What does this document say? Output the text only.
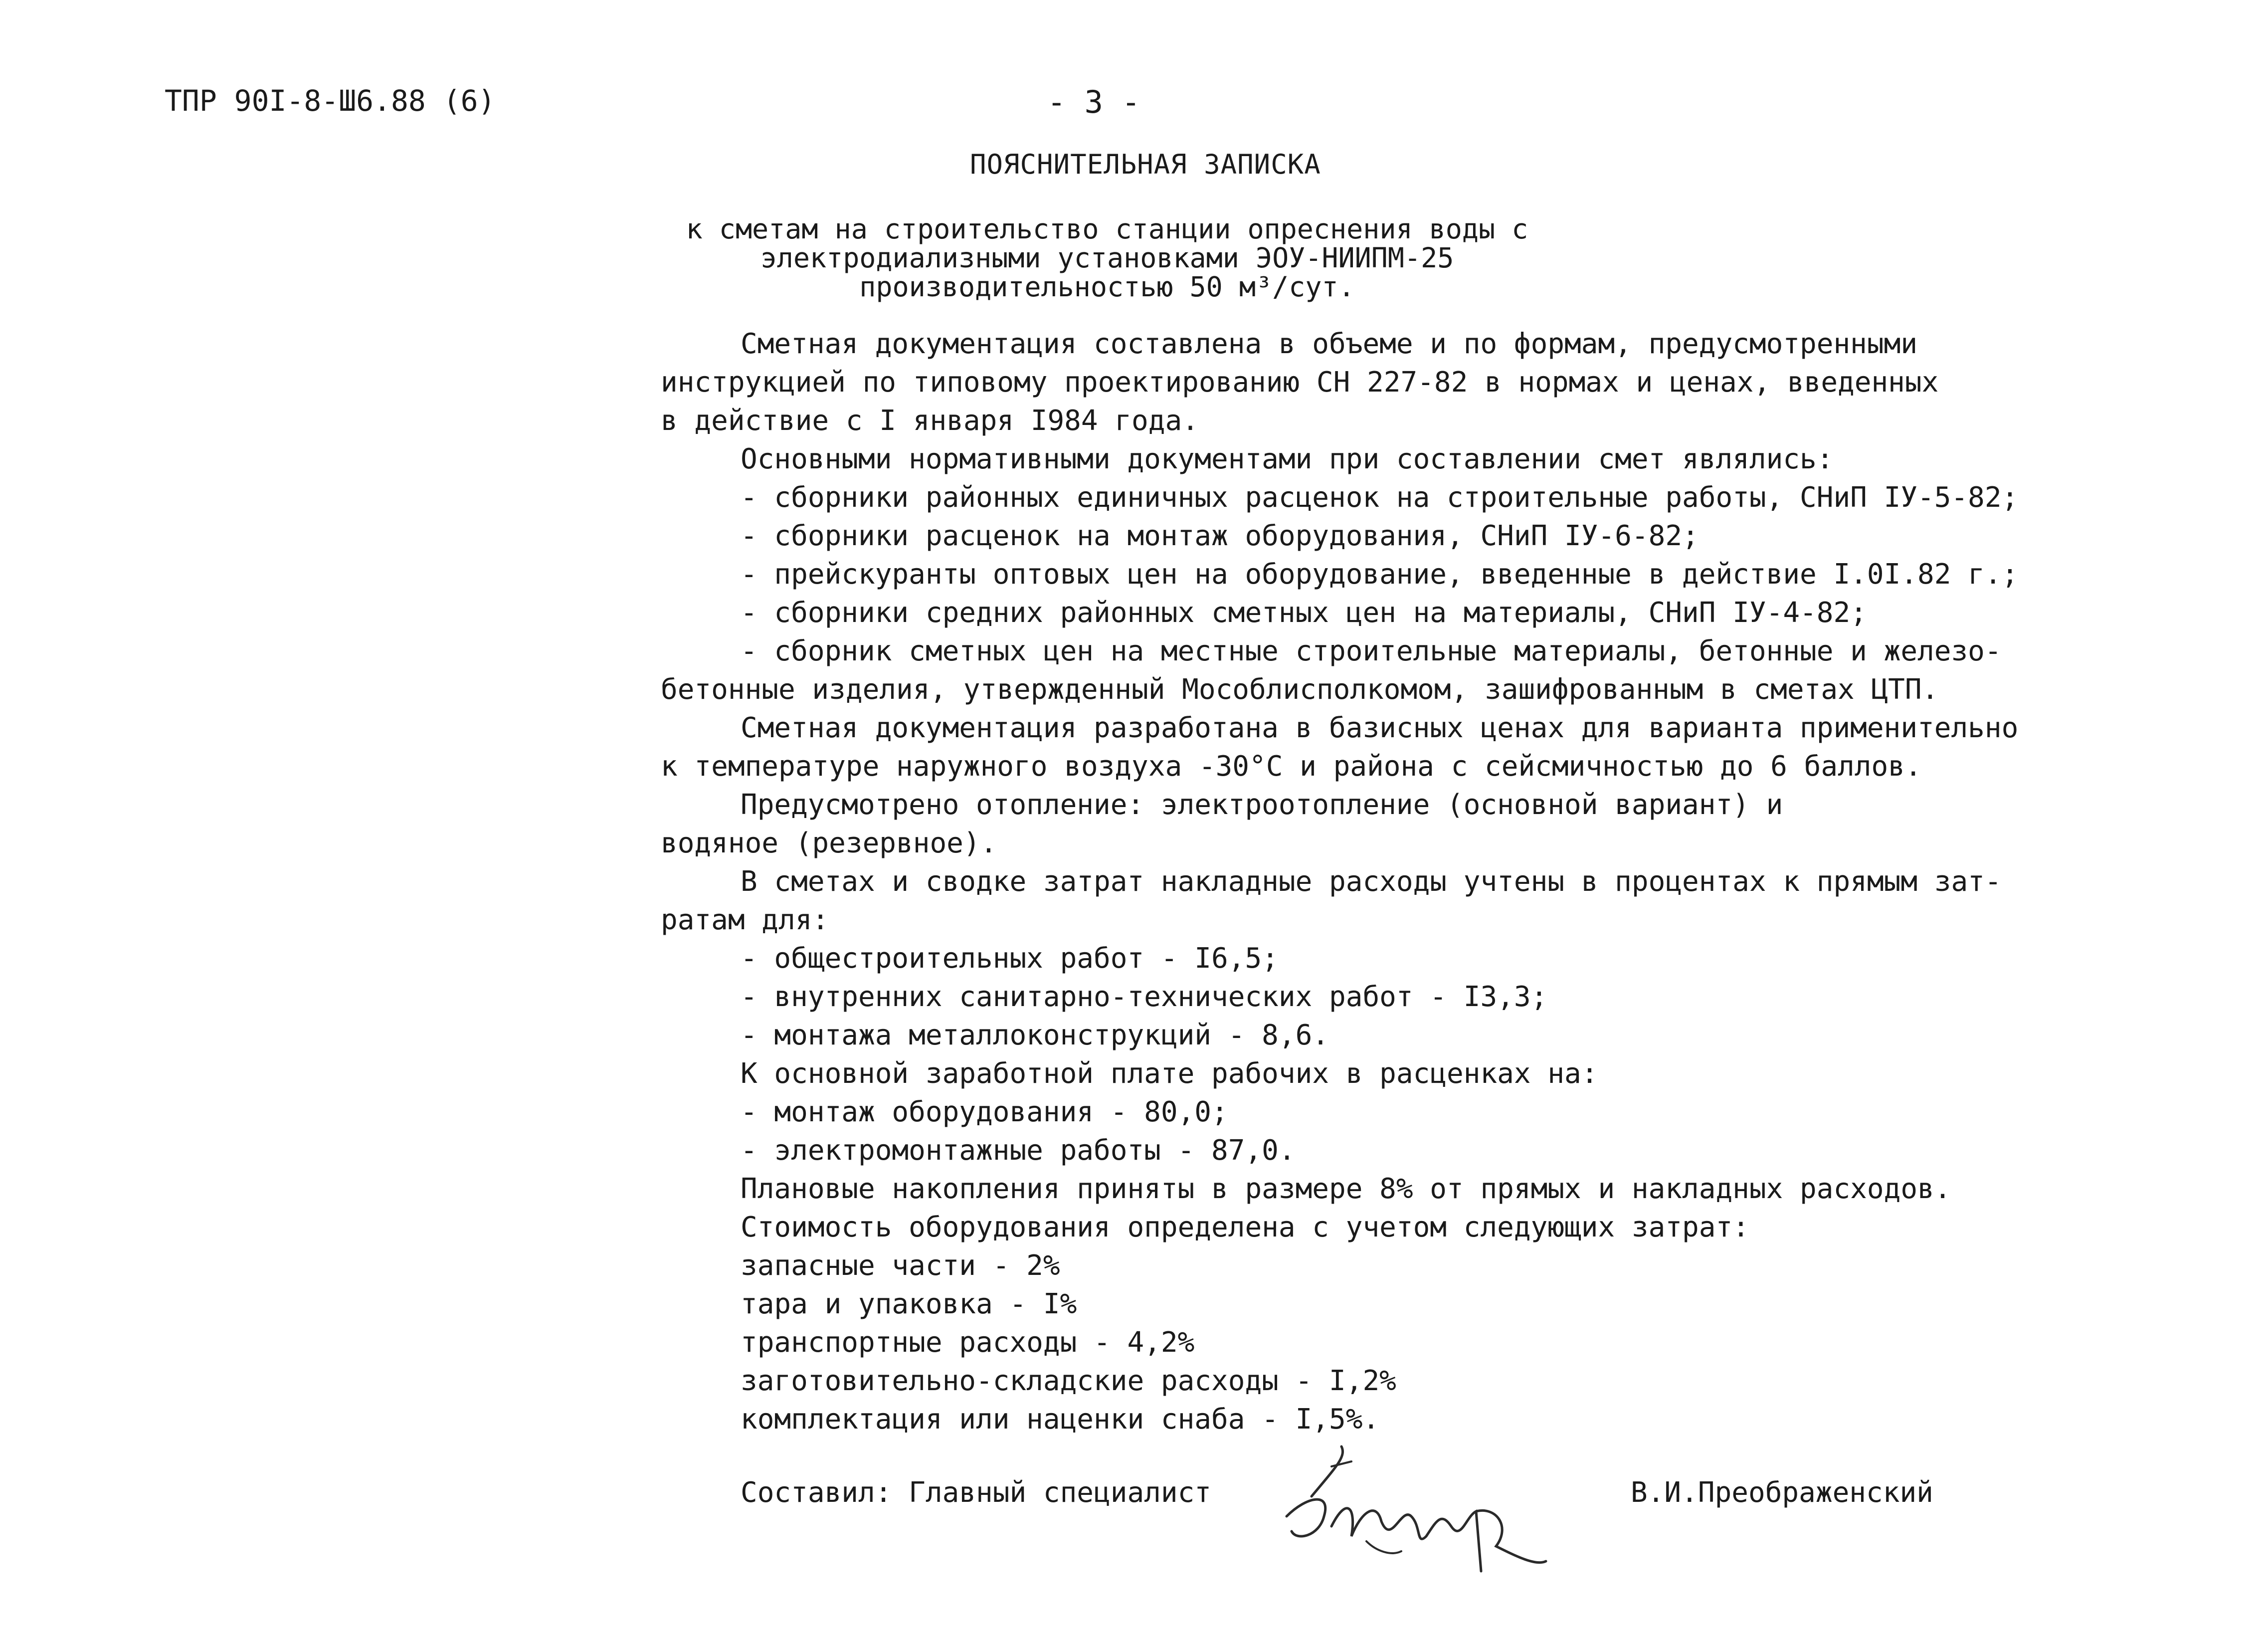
ТПР 90I-8-Ш6.88 (6)	- 3 -
ПОЯСНИТЕЛЬНАЯ ЗАПИСКА
к сметам на строительство станции опреснения воды с электродиализными установками ЭОУ-НИИПМ-25 производительностью 50 м³/сут.
Сметная документация составлена в объеме и по формам, предусмотренными
инструкцией по типовому проектированию СН 227-82 в нормах и ценах, введенных
в действие с I января I984 года.
Основными нормативными документами при составлении смет являлись:
- сборники районных единичных расценок на строительные работы, СНиП IУ-5-82;
- сборники расценок на монтаж оборудования, СНиП IУ-6-82;
- прейскуранты оптовых цен на оборудование, введенные в действие I.0I.82 г.;
- сборники средних районных сметных цен на материалы, СНиП IУ-4-82;
- сборник сметных цен на местные строительные материалы, бетонные и железо-
бетонные изделия, утвержденный Мособлисполкомом, зашифрованным в сметах ЦТП.
Сметная документация разработана в базисных ценах для варианта применительно
к температуре наружного воздуха -30°С и района с сейсмичностью до 6 баллов.
Предусмотрено отопление: электроотопление (основной вариант) и
водяное (резервное).
В сметах и сводке затрат накладные расходы учтены в процентах к прямым зат-
ратам для:
- общестроительных работ - I6,5;
- внутренних санитарно-технических работ - I3,3;
- монтажа металлоконструкций - 8,6.
К основной заработной плате рабочих в расценках на:
- монтаж оборудования - 80,0;
- электромонтажные работы - 87,0.
Плановые накопления приняты в размере 8% от прямых и накладных расходов.
Стоимость оборудования определена с учетом следующих затрат:
запасные части - 2%
тара и упаковка - I%
транспортные расходы - 4,2%
заготовительно-складские расходы - I,2%
комплектация или наценки снаба - I,5%.
Составил: Главный специалист	В.И.Преображенский
